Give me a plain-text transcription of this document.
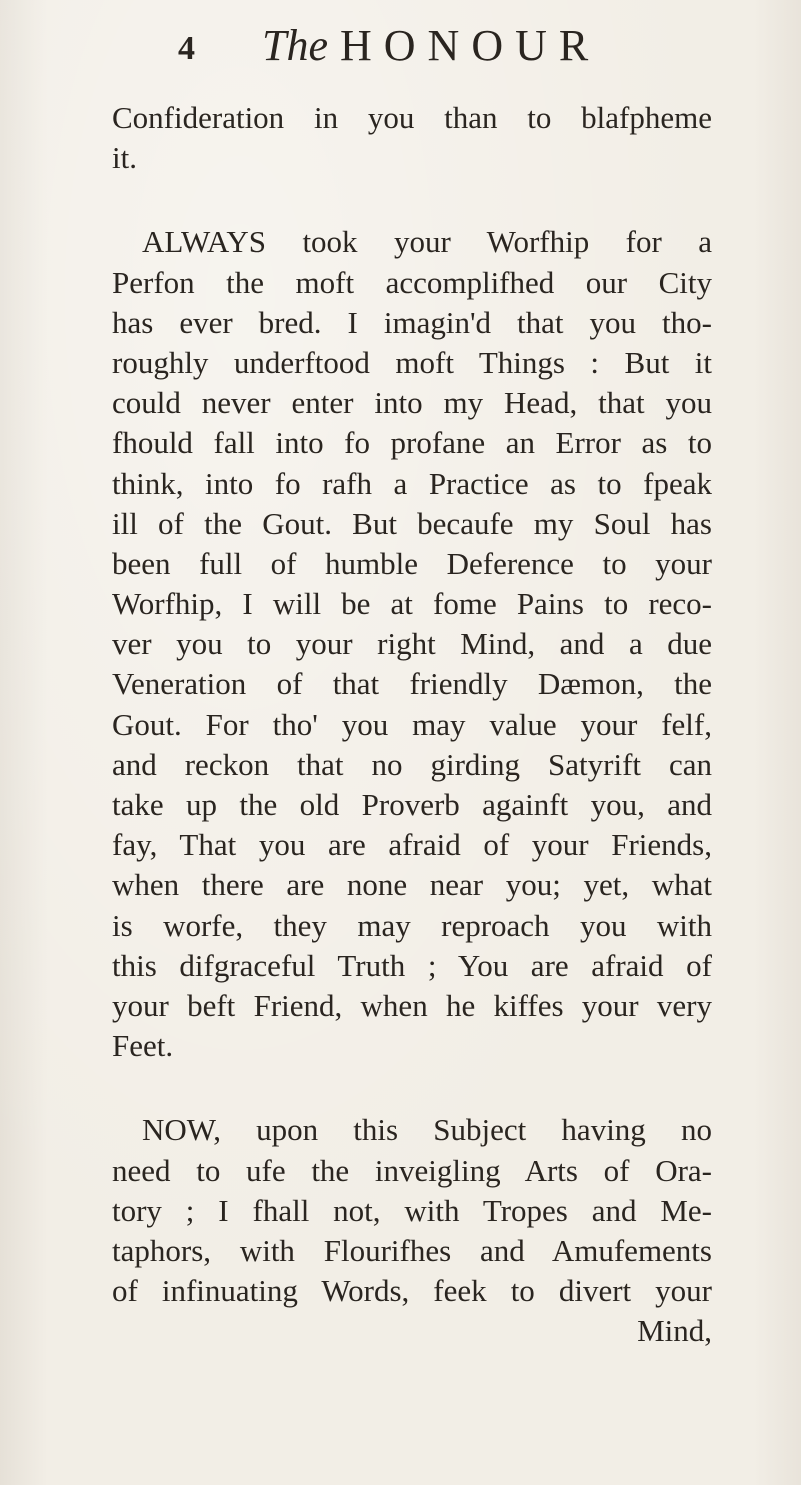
4 The HONOUR
Confideration in you than to blafpheme
it.
ALWAYS took your Worfhip for a
Perfon the moft accomplifhed our City
has ever bred. I imagin'd that you tho-
roughly underftood moft Things : But it
could never enter into my Head, that you
fhould fall into fo profane an Error as to
think, into fo rafh a Practice as to fpeak
ill of the Gout. But becaufe my Soul has
been full of humble Deference to your
Worfhip, I will be at fome Pains to reco-
ver you to your right Mind, and a due
Veneration of that friendly Dæmon, the
Gout. For tho' you may value your felf,
and reckon that no girding Satyrift can
take up the old Proverb againft you, and
fay, That you are afraid of your Friends,
when there are none near you; yet, what
is worfe, they may reproach you with
this difgraceful Truth ; You are afraid of
your beft Friend, when he kiffes your very
Feet.
NOW, upon this Subject having no
need to ufe the inveigling Arts of Ora-
tory ; I fhall not, with Tropes and Me-
taphors, with Flourifhes and Amufements
of infinuating Words, feek to divert your
Mind,
